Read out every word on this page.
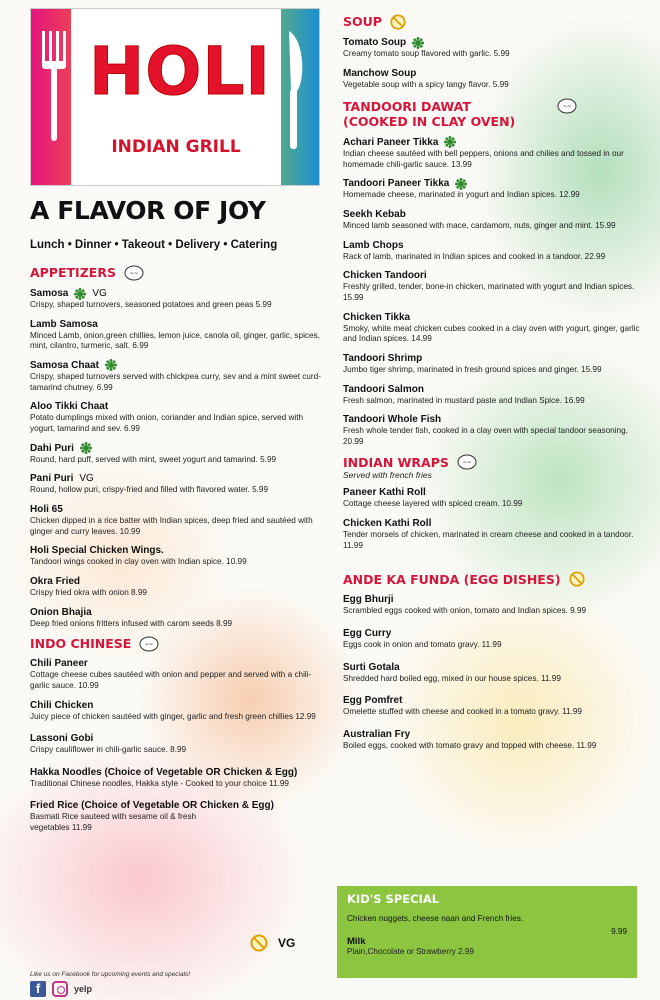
HOLI
INDIAN GRILL
A FLAVOR OF JOY
Lunch • Dinner • Takeout • Delivery • Catering
APPETIZERS	~~
Samosa VG
Crispy, shaped turnovers, seasoned potatoes and green peas 5.99
Lamb Samosa
Minced Lamb, onion,green chillies, lemon juice, canola oil, ginger, garlic, spices, mint, cilantro, turmeric, salt. 6.99
Samosa Chaat
Crispy, shaped turnovers served with chickpea curry, sev and a mint sweet curd-tamarind chutney. 6.99
Aloo Tikki Chaat
Potato dumplings mixed with onion, coriander and Indian spice, served with yogurt, tamarind and sev. 6.99
Dahi Puri
Round, hard puff, served with mint, sweet yogurt and tamarind. 5.99
Pani Puri VG
Round, hollow puri, crispy-fried and filled with flavored water. 5.99
Holi 65
Chicken dipped in a rice batter with Indian spices, deep fried and sautéed with ginger and curry leaves. 10.99
Holi Special Chicken Wings.
Tandoori wings cooked in clay oven with Indian spice. 10.99
Okra Fried
Crispy fried okra with onion 8.99
Onion Bhajia
Deep fried onions fritters infused with carom seeds 8.99
INDO CHINESE	~~
Chili Paneer
Cottage cheese cubes sautéed with onion and pepper and served with a chili-garlic sauce. 10.99
Chili Chicken
Juicy piece of chicken sautéed with ginger, garlic and fresh green chillies 12.99
Lassoni Gobi
Crispy cauliflower in chili-garlic sauce. 8.99
Hakka Noodles (Choice of Vegetable OR Chicken & Egg)
Traditional Chinese noodles, Hakka style - Cooked to your choice 11.99
Fried Rice (Choice of Vegetable OR Chicken & Egg)
Basmati Rice sauteed with sesame oil & fresh vegetables 11.99
VG
Like us on Facebook for upcoming events and specials!
f	yelp
SOUP
Tomato Soup
Creamy tomato soup flavored with garlic. 5.99
Manchow Soup
Vegetable soup with a spicy tangy flavor. 5.99
TANDOORI DAWAT	~~
(COOKED IN CLAY OVEN)
Achari Paneer Tikka
Indian cheese sautéed with bell peppers, onions and chilies and tossed in our homemade chili-garlic sauce. 13.99
Tandoori Paneer Tikka
Homemade cheese, marinated in yogurt and Indian spices. 12.99
Seekh Kebab
Minced lamb seasoned with mace, cardamom, nuts, ginger and mint. 15.99
Lamb Chops
Rack of lamb, marinated in Indian spices and cooked in a tandoor. 22.99
Chicken Tandoori
Freshly grilled, tender, bone-in chicken, marinated with yogurt and Indian spices. 15.99
Chicken Tikka
Smoky, white meat chicken cubes cooked in a clay oven with yogurt, ginger, garlic and Indian spices. 14.99
Tandoori Shrimp
Jumbo tiger shrimp, marinated in fresh ground spices and ginger. 15.99
Tandoori Salmon
Fresh salmon, marinated in mustard paste and Indian Spice. 16.99
Tandoori Whole Fish
Fresh whole tender fish, cooked in a clay oven with special tandoor seasoning. 20.99
INDIAN WRAPS	~~
Served with french fries
Paneer Kathi Roll
Cottage cheese layered with spiced cream. 10.99
Chicken Kathi Roll
Tender morsels of chicken, marinated in cream cheese and cooked in a tandoor. 11.99
ANDE KA FUNDA (EGG DISHES)
Egg Bhurji
Scrambled eggs cooked with onion, tomato and Indian spices. 9.99
Egg Curry
Eggs cook in onion and tomato gravy. 11.99
Surti Gotala
Shredded hard boiled egg, mixed in our house spices. 11.99
Egg Pomfret
Omelette stuffed with cheese and cooked in a tomato gravy. 11.99
Australian Fry
Boiled eggs, cooked with tomato gravy and topped with cheese. 11.99
KID'S SPECIAL
Chicken nuggets, cheese naan and French fries.
9.99
Milk
Plain,Chocolate or Strawberry 2.99
